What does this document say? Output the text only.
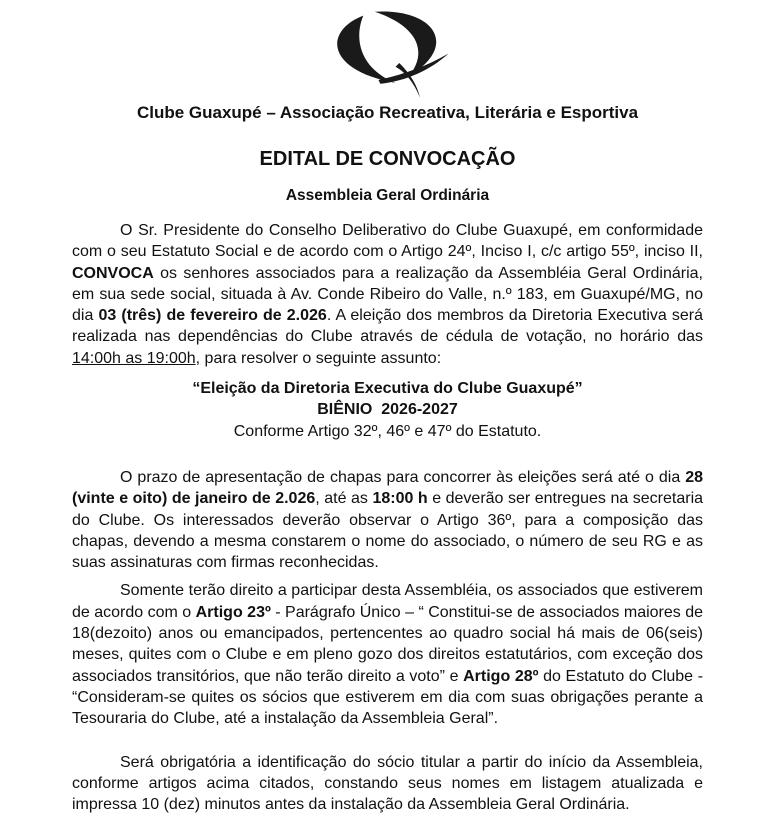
Clube Guaxupé – Associação Recreativa, Literária e Esportiva
EDITAL DE CONVOCAÇÃO
Assembleia Geral Ordinária

O Sr. Presidente do Conselho Deliberativo do Clube Guaxupé, em conformidade com o seu Estatuto Social e de acordo com o Artigo 24º, Inciso I, c/c artigo 55º, inciso II, CONVOCA os senhores associados para a realização da Assembléia Geral Ordinária, em sua sede social, situada à Av. Conde Ribeiro do Valle, n.º 183, em Guaxupé/MG, no dia 03 (três) de fevereiro de 2.026. A eleição dos membros da Diretoria Executiva será realizada nas dependências do Clube através de cédula de votação, no horário das 14:00h as 19:00h, para resolver o seguinte assunto:

“Eleição da Diretoria Executiva do Clube Guaxupé”
BIÊNIO  2026-2027
Conforme Artigo 32º, 46º e 47º do Estatuto.

O prazo de apresentação de chapas para concorrer às eleições será até o dia 28 (vinte e oito) de janeiro de 2.026, até as 18:00 h e deverão ser entregues na secretaria do Clube. Os interessados deverão observar o Artigo 36º, para a composição das chapas, devendo a mesma constarem o nome do associado, o número de seu RG e as suas assinaturas com firmas reconhecidas.

Somente terão direito a participar desta Assembléia, os associados que estiverem de acordo com o Artigo 23º - Parágrafo Único – “ Constitui-se de associados maiores de 18(dezoito) anos ou emancipados, pertencentes ao quadro social há mais de 06(seis) meses, quites com o Clube e em pleno gozo dos direitos estatutários, com exceção dos associados transitórios, que não terão direito a voto” e Artigo 28º do Estatuto do Clube - “Consideram-se quites os sócios que estiverem em dia com suas obrigações perante a Tesouraria do Clube, até a instalação da Assembleia Geral”.

Será obrigatória a identificação do sócio titular a partir do início da Assembleia, conforme artigos acima citados, constando seus nomes em listagem atualizada e impressa 10 (dez) minutos antes da instalação da Assembleia Geral Ordinária.
